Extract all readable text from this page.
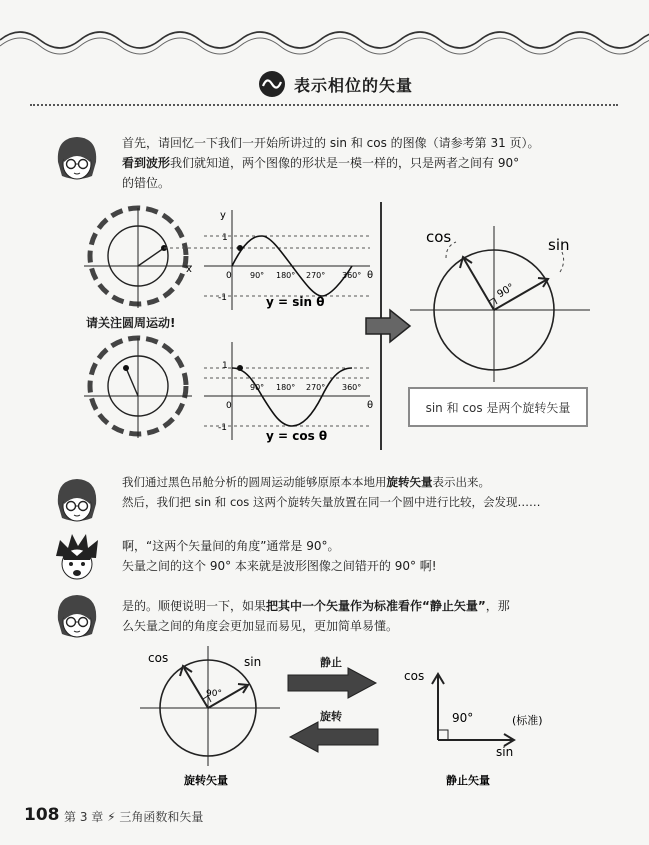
表示相位的矢量
首先，请回忆一下我们一开始所讲过的 sin 和 cos 的图像（请参考第 31 页）。
看到波形我们就知道，两个图像的形状是一模一样的，只是两者之间有 90°
的错位。
y
x
1
-1
0 90° 180° 270° 360° θ
y = sin θ
1
-1
0
90° 180° 270° 360°
θ
y = cos θ
请关注圆周运动!
cos	sin
90°
sin 和 cos 是两个旋转矢量
我们通过黑色吊舱分析的圆周运动能够原原本本地用旋转矢量表示出来。
然后，我们把 sin 和 cos 这两个旋转矢量放置在同一个圆中进行比较，会发现……
啊，“这两个矢量间的角度”通常是 90°。
矢量之间的这个 90° 本来就是波形图像之间错开的 90° 啊!
是的。顺便说明一下，如果把其中一个矢量作为标准看作“静止矢量”，那
么矢量之间的角度会更加显而易见，更加简单易懂。
cos	sin
90°
旋转矢量
静止
旋转
cos
90°	(标准)
sin
静止矢量
108 第 3 章 ⚡ 三角函数和矢量
